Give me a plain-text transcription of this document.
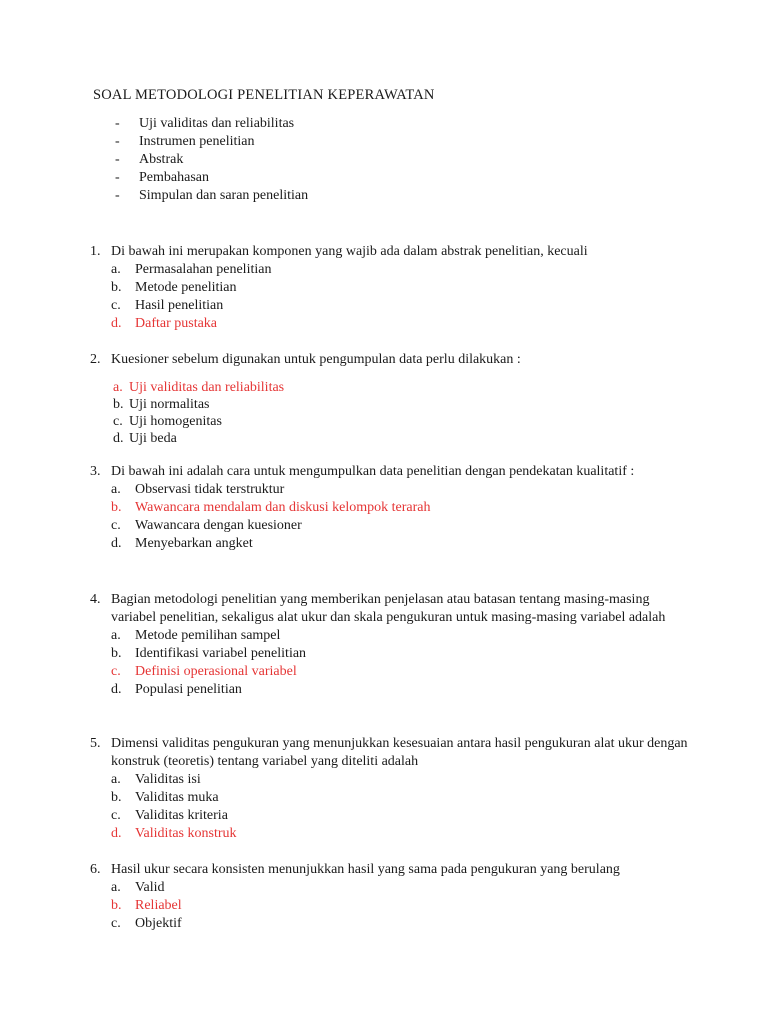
SOAL METODOLOGI PENELITIAN KEPERAWATAN
- Uji validitas dan reliabilitas
- Instrumen penelitian
- Abstrak
- Pembahasan
- Simpulan dan saran penelitian
1. Di bawah ini merupakan komponen yang wajib ada dalam abstrak penelitian, kecuali
a. Permasalahan penelitian
b. Metode penelitian
c. Hasil penelitian
d. Daftar pustaka
2. Kuesioner sebelum digunakan untuk pengumpulan data perlu dilakukan :
a. Uji validitas dan reliabilitas
b. Uji normalitas
c. Uji homogenitas
d. Uji beda
3. Di bawah ini adalah cara untuk mengumpulkan data penelitian dengan pendekatan kualitatif :
a. Observasi tidak terstruktur
b. Wawancara mendalam dan diskusi kelompok terarah
c. Wawancara dengan kuesioner
d. Menyebarkan angket
4. Bagian metodologi penelitian yang memberikan penjelasan atau batasan tentang masing-masing variabel penelitian, sekaligus alat ukur dan skala pengukuran untuk masing-masing variabel adalah
a. Metode pemilihan sampel
b. Identifikasi variabel penelitian
c. Definisi operasional variabel
d. Populasi penelitian
5. Dimensi validitas pengukuran yang menunjukkan kesesuaian antara hasil pengukuran alat ukur dengan konstruk (teoretis) tentang variabel yang diteliti adalah
a. Validitas isi
b. Validitas muka
c. Validitas kriteria
d. Validitas konstruk
6. Hasil ukur secara konsisten menunjukkan hasil yang sama pada pengukuran yang berulang
a. Valid
b. Reliabel
c. Objektif
